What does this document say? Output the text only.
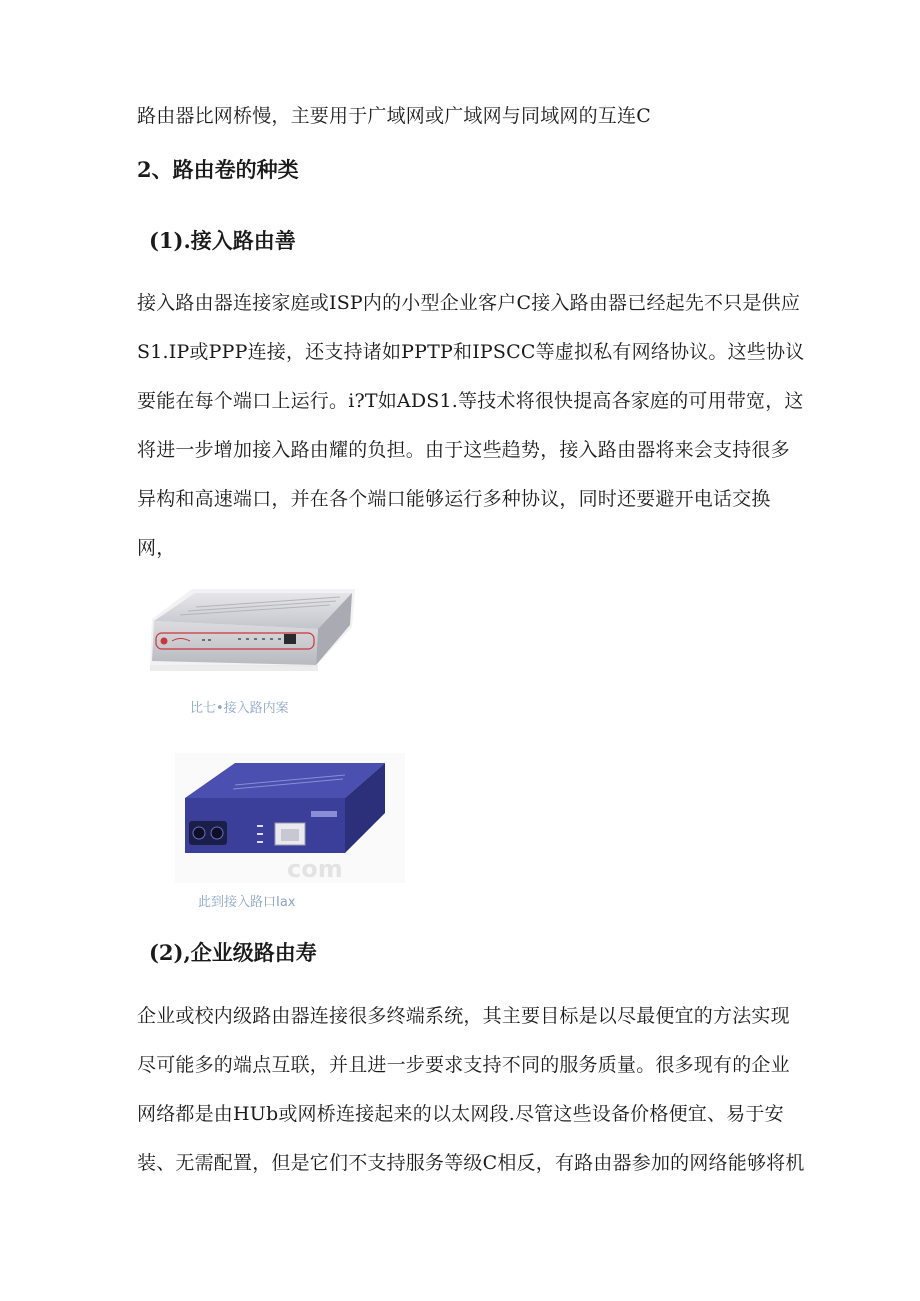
路由器比网桥慢，主要用于广域网或广域网与同域网的互连C
2、路由卷的种类
(1).接入路由善
接入路由器连接家庭或ISP内的小型企业客户C接入路由器已经起先不只是供应
S1.IP或PPP连接，还支持诸如PPTP和IPSCC等虚拟私有网络协议。这些协议
要能在每个端口上运行。i?T如ADS1.等技术将很快提高各家庭的可用带宽，这
将进一步增加接入路由耀的负担。由于这些趋势，接入路由器将来会支持很多
异构和高速端口，并在各个端口能够运行多种协议，同时还要避开电话交换
网，
比七•接入路内案
com
此到接入路口Iax
(2),企业级路由寿
企业或校内级路由器连接很多终端系统，其主要目标是以尽最便宜的方法实现
尽可能多的端点互联，并且进一步要求支持不同的服务质量。很多现有的企业
网络都是由HUb或网桥连接起来的以太网段.尽管这些设备价格便宜、易于安
装、无需配置，但是它们不支持服务等级C相反，有路由器参加的网络能够将机
